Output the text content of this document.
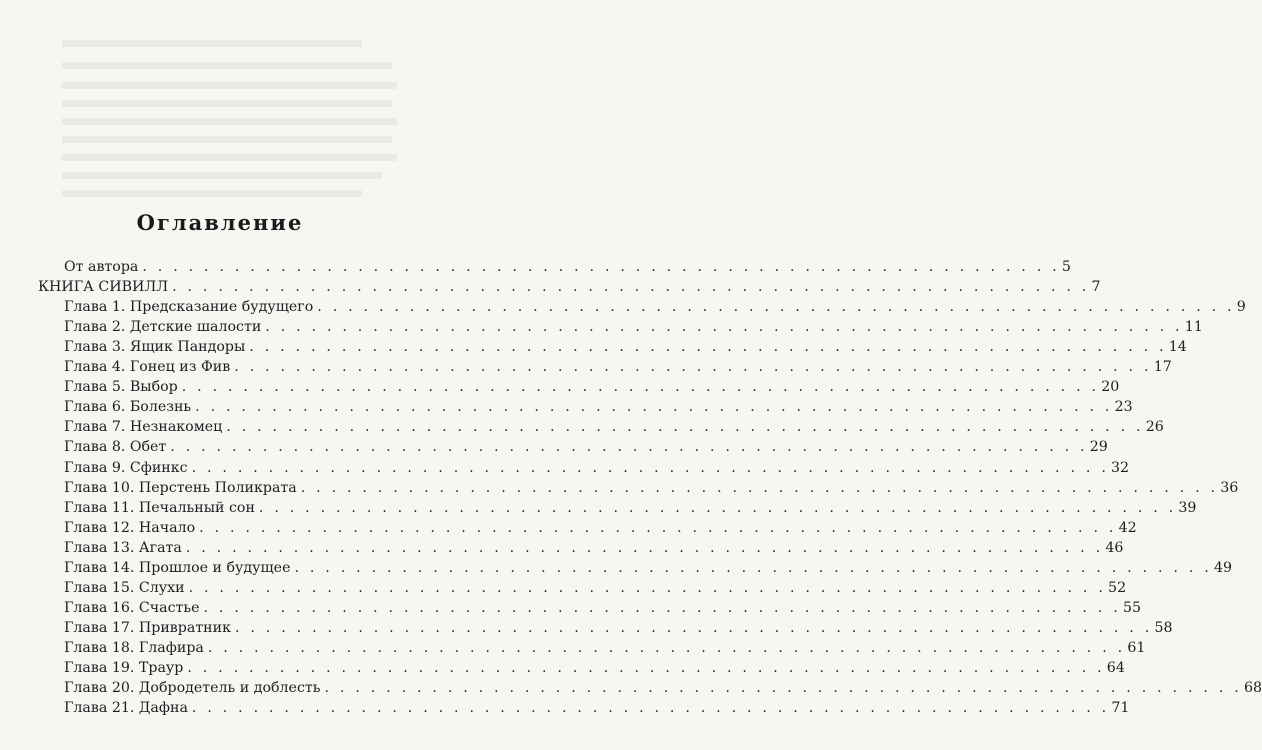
Оглавление
От автора . . . . . . . . . . . . . . . . . . . . . . . . . . . . . . . . . . . . . . . . . . . . . . . . . . . . . . . . . . . . 5
КНИГА СИВИЛЛ . . . . . . . . . . . . . . . . . . . . . . . . . . . . . . . . . . . . . . . . . . . . . . . . . . . . . . . . . . . . 7
Глава 1. Предсказание будущего . . . . . . . . . . . . . . . . . . . . . . . . . . . . . . . . . . . . . . . . . . . . . . . . . . . . . . . . . . . . 9
Глава 2. Детские шалости . . . . . . . . . . . . . . . . . . . . . . . . . . . . . . . . . . . . . . . . . . . . . . . . . . . . . . . . . . . . 11
Глава 3. Ящик Пандоры . . . . . . . . . . . . . . . . . . . . . . . . . . . . . . . . . . . . . . . . . . . . . . . . . . . . . . . . . . . . 14
Глава 4. Гонец из Фив . . . . . . . . . . . . . . . . . . . . . . . . . . . . . . . . . . . . . . . . . . . . . . . . . . . . . . . . . . . . 17
Глава 5. Выбор . . . . . . . . . . . . . . . . . . . . . . . . . . . . . . . . . . . . . . . . . . . . . . . . . . . . . . . . . . . . 20
Глава 6. Болезнь . . . . . . . . . . . . . . . . . . . . . . . . . . . . . . . . . . . . . . . . . . . . . . . . . . . . . . . . . . . . 23
Глава 7. Незнакомец . . . . . . . . . . . . . . . . . . . . . . . . . . . . . . . . . . . . . . . . . . . . . . . . . . . . . . . . . . . . 26
Глава 8. Обет . . . . . . . . . . . . . . . . . . . . . . . . . . . . . . . . . . . . . . . . . . . . . . . . . . . . . . . . . . . . 29
Глава 9. Сфинкс . . . . . . . . . . . . . . . . . . . . . . . . . . . . . . . . . . . . . . . . . . . . . . . . . . . . . . . . . . . . 32
Глава 10. Перстень Поликрата . . . . . . . . . . . . . . . . . . . . . . . . . . . . . . . . . . . . . . . . . . . . . . . . . . . . . . . . . . . . 36
Глава 11. Печальный сон . . . . . . . . . . . . . . . . . . . . . . . . . . . . . . . . . . . . . . . . . . . . . . . . . . . . . . . . . . . . 39
Глава 12. Начало . . . . . . . . . . . . . . . . . . . . . . . . . . . . . . . . . . . . . . . . . . . . . . . . . . . . . . . . . . . . 42
Глава 13. Агата . . . . . . . . . . . . . . . . . . . . . . . . . . . . . . . . . . . . . . . . . . . . . . . . . . . . . . . . . . . . 46
Глава 14. Прошлое и будущее . . . . . . . . . . . . . . . . . . . . . . . . . . . . . . . . . . . . . . . . . . . . . . . . . . . . . . . . . . . . 49
Глава 15. Слухи . . . . . . . . . . . . . . . . . . . . . . . . . . . . . . . . . . . . . . . . . . . . . . . . . . . . . . . . . . . . 52
Глава 16. Счастье . . . . . . . . . . . . . . . . . . . . . . . . . . . . . . . . . . . . . . . . . . . . . . . . . . . . . . . . . . . . 55
Глава 17. Привратник . . . . . . . . . . . . . . . . . . . . . . . . . . . . . . . . . . . . . . . . . . . . . . . . . . . . . . . . . . . . 58
Глава 18. Глафира . . . . . . . . . . . . . . . . . . . . . . . . . . . . . . . . . . . . . . . . . . . . . . . . . . . . . . . . . . . . 61
Глава 19. Траур . . . . . . . . . . . . . . . . . . . . . . . . . . . . . . . . . . . . . . . . . . . . . . . . . . . . . . . . . . . . 64
Глава 20. Добродетель и доблесть . . . . . . . . . . . . . . . . . . . . . . . . . . . . . . . . . . . . . . . . . . . . . . . . . . . . . . . . . . . . 68
Глава 21. Дафна . . . . . . . . . . . . . . . . . . . . . . . . . . . . . . . . . . . . . . . . . . . . . . . . . . . . . . . . . . . . 71
